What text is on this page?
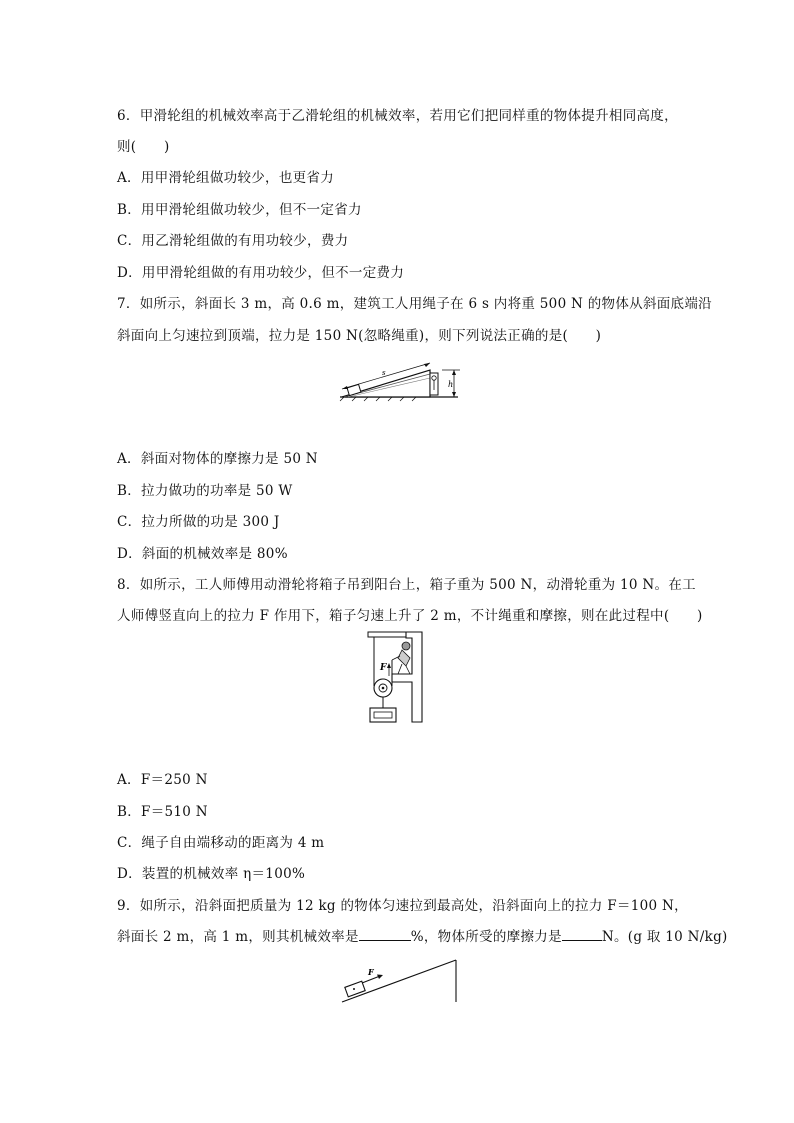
6．甲滑轮组的机械效率高于乙滑轮组的机械效率，若用它们把同样重的物体提升相同高度，
则(　　)
A．用甲滑轮组做功较少，也更省力
B．用甲滑轮组做功较少，但不一定省力
C．用乙滑轮组做的有用功较少，费力
D．用甲滑轮组做的有用功较少，但不一定费力
7．如所示，斜面长 3 m，高 0.6 m，建筑工人用绳子在 6 s 内将重 500 N 的物体从斜面底端沿
斜面向上匀速拉到顶端，拉力是 150 N(忽略绳重)，则下列说法正确的是(　　)
s
h
A．斜面对物体的摩擦力是 50 N
B．拉力做功的功率是 50 W
C．拉力所做的功是 300 J
D．斜面的机械效率是 80%
8．如所示，工人师傅用动滑轮将箱子吊到阳台上，箱子重为 500 N，动滑轮重为 10 N。在工
人师傅竖直向上的拉力 F 作用下，箱子匀速上升了 2 m，不计绳重和摩擦，则在此过程中(　　)
F
A．F＝250 N
B．F＝510 N
C．绳子自由端移动的距离为 4 m
D．装置的机械效率 η＝100%
9．如所示，沿斜面把质量为 12 kg 的物体匀速拉到最高处，沿斜面向上的拉力 F＝100 N，
斜面长 2 m，高 1 m，则其机械效率是	%，物体所受的摩擦力是	N。(g 取 10 N/kg)
F
